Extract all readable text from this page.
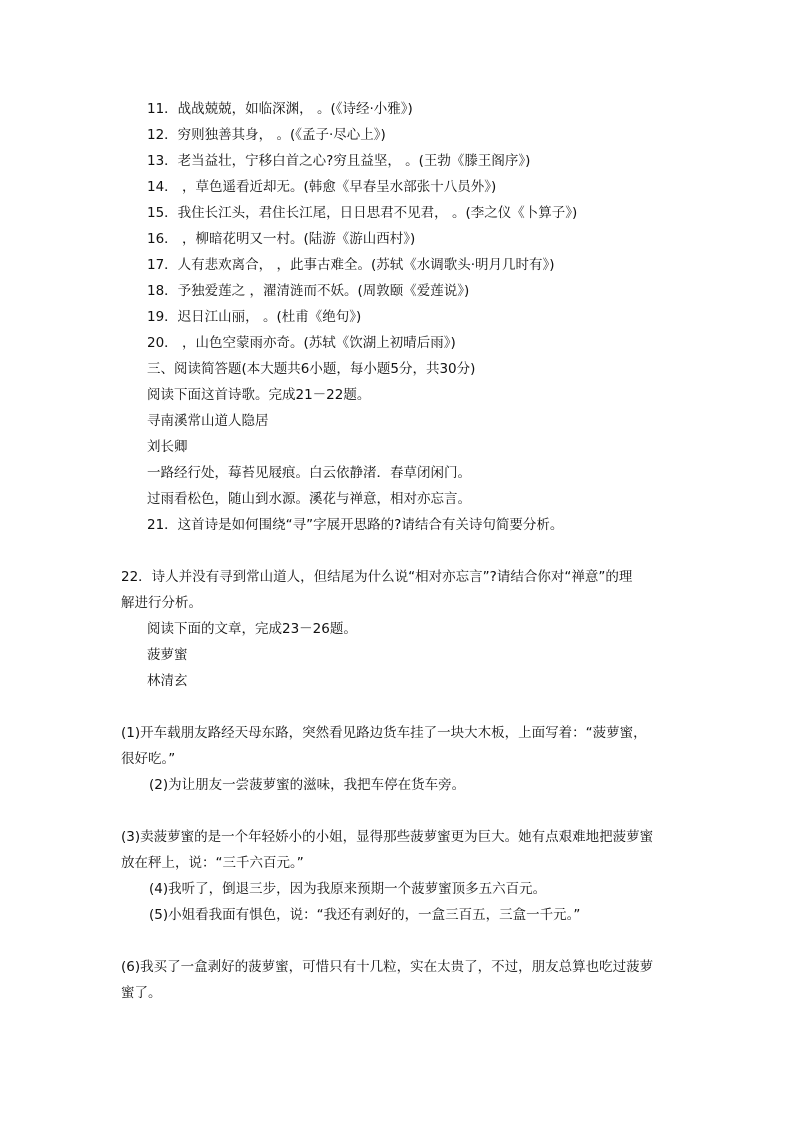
11．战战兢兢，如临深渊， 。(《诗经·小雅》)
12．穷则独善其身， 。(《孟子·尽心上》)
13．老当益壮，宁移白首之心?穷且益坚， 。(王勃《滕王阁序》)
14． ，草色遥看近却无。(韩愈《早春呈水部张十八员外》)
15．我住长江头，君住长江尾，日日思君不见君， 。(李之仪《卜算子》)
16． ，柳暗花明又一村。(陆游《游山西村》)
17．人有悲欢离合， ，此事古难全。(苏轼《水调歌头·明月几时有》)
18．予独爱莲之 ，濯清涟而不妖。(周敦颐《爱莲说》)
19．迟日江山丽， 。(杜甫《绝句》)
20． ，山色空蒙雨亦奇。(苏轼《饮湖上初晴后雨》)
三、阅读简答题(本大题共6小题，每小题5分，共30分)
阅读下面这首诗歌。完成21－22题。
寻南溪常山道人隐居
刘长卿
一路经行处，莓苔见屐痕。白云依静渚．春草闭闲门。
过雨看松色，随山到水源。溪花与禅意，相对亦忘言。
21．这首诗是如何围绕“寻”字展开思路的?请结合有关诗句简要分析。
22．诗人并没有寻到常山道人，但结尾为什么说“相对亦忘言”?请结合你对“禅意”的理
解进行分析。
阅读下面的文章，完成23－26题。
菠萝蜜
林清玄
(1)开车载朋友路经天母东路，突然看见路边货车挂了一块大木板，上面写着：“菠萝蜜，
很好吃。”
(2)为让朋友一尝菠萝蜜的滋味，我把车停在货车旁。
(3)卖菠萝蜜的是一个年轻娇小的小姐，显得那些菠萝蜜更为巨大。她有点艰难地把菠萝蜜
放在秤上，说：“三千六百元。”
(4)我听了，倒退三步，因为我原来预期一个菠萝蜜顶多五六百元。
(5)小姐看我面有惧色，说：“我还有剥好的，一盒三百五，三盒一千元。”
(6)我买了一盒剥好的菠萝蜜，可惜只有十几粒，实在太贵了，不过，朋友总算也吃过菠萝
蜜了。
